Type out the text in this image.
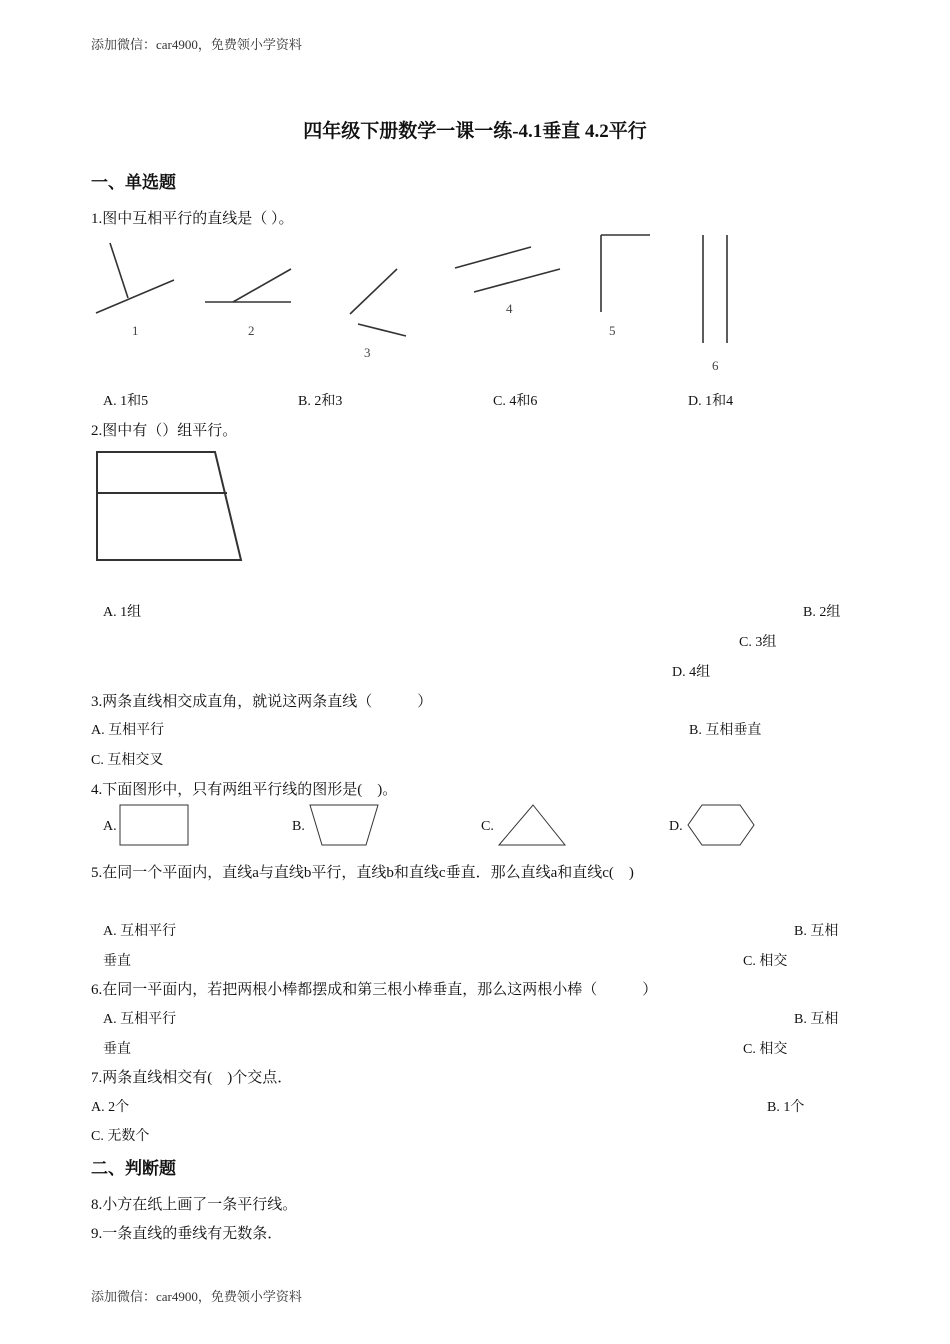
添加微信：car4900，免费领小学资料
四年级下册数学一课一练-4.1垂直 4.2平行
一、单选题
1.图中互相平行的直线是（ ）。
1	2
3
4
5
6
A. 1和5	B. 2和3	C. 4和6	D. 1和4
2.图中有（）组平行。
A. 1组	B. 2组
C. 3组
D. 4组
3.两条直线相交成直角，就说这两条直线（　　　）
A. 互相平行	B. 互相垂直
C. 互相交叉
4.下面图形中，只有两组平行线的图形是(　)。
A.	B.	C.	D.
5.在同一个平面内，直线a与直线b平行，直线b和直线c垂直．那么直线a和直线c(　)
A. 互相平行	B. 互相
垂直	C. 相交
6.在同一平面内，若把两根小棒都摆成和第三根小棒垂直，那么这两根小棒（　　　）
A. 互相平行	B. 互相
垂直	C. 相交
7.两条直线相交有(　)个交点．
A. 2个	B. 1个
C. 无数个
二、判断题
8.小方在纸上画了一条平行线。
9.一条直线的垂线有无数条．
添加微信：car4900，免费领小学资料
